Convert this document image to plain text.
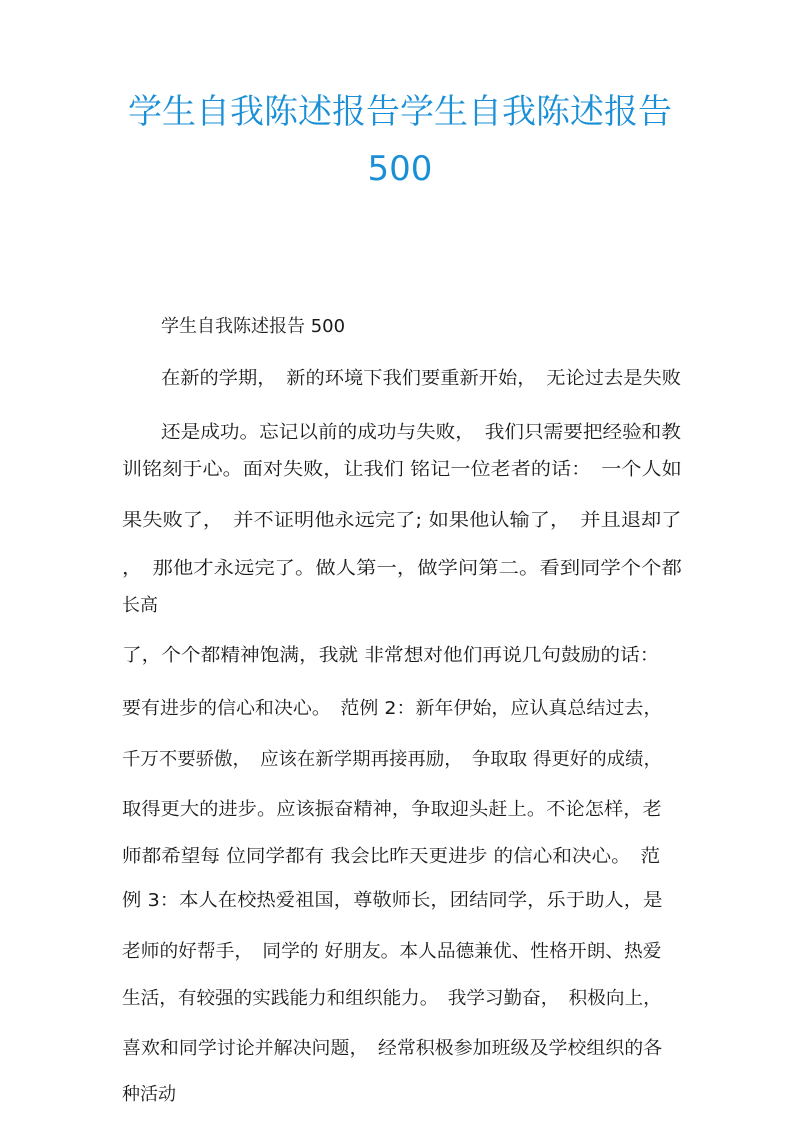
学生自我陈述报告学生自我陈述报告
500

学生自我陈述报告 500

在新的学期，　新的环境下我们要重新开始，　无论过去是失败

还是成功。忘记以前的成功与失败，　我们只需要把经验和教

训铭刻于心。面对失败，让我们 铭记一位老者的话：　一个人如

果失败了，　并不证明他永远完了; 如果他认输了，　并且退却了

，　那他才永远完了。做人第一，做学问第二。看到同学个个都

长高

了，个个都精神饱满，我就 非常想对他们再说几句鼓励的话：

要有进步的信心和决心。　范例 2：新年伊始，应认真总结过去，

千万不要骄傲，　应该在新学期再接再励，　争取取 得更好的成绩，

取得更大的进步。应该振奋精神，争取迎头赶上。不论怎样，老

师都希望每 位同学都有 我会比昨天更进步 的信心和决心。　范

例 3：本人在校热爱祖国，尊敬师长，团结同学，乐于助人，是

老师的好帮手，　同学的 好朋友。本人品德兼优、性格开朗、热爱

生活，有较强的实践能力和组织能力。　我学习勤奋，　积极向上，

喜欢和同学讨论并解决问题，　经常积极参加班级及学校组织的各

种活动
